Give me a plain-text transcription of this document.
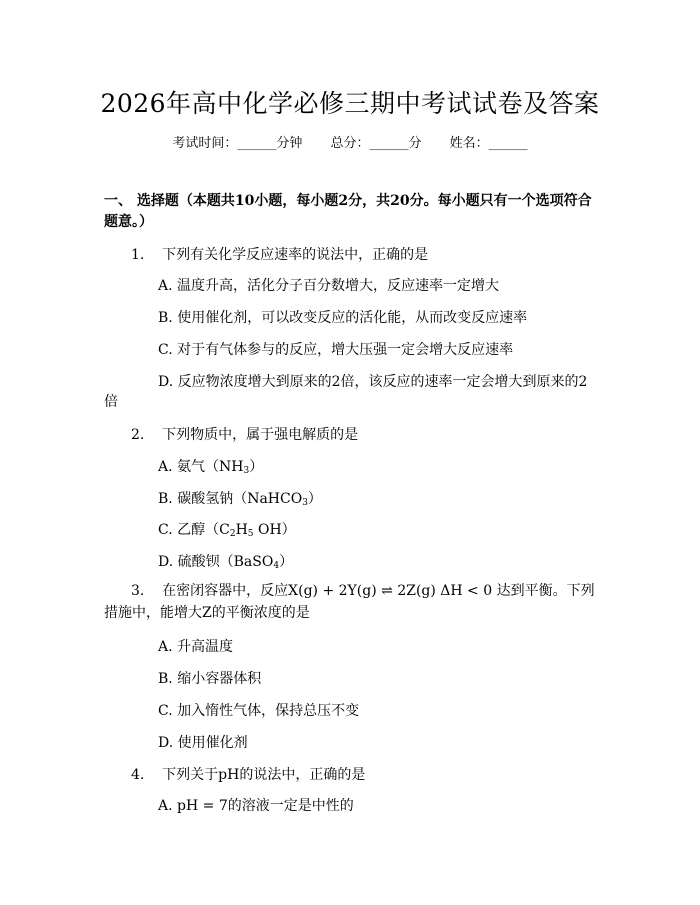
2026年高中化学必修三期中考试试卷及答案
考试时间：______分钟 总分：______分 姓名：______
一、 选择题（本题共10小题，每小题2分，共20分。每小题只有一个选项符合题意。）
1. 下列有关化学反应速率的说法中，正确的是
A. 温度升高，活化分子百分数增大，反应速率一定增大
B. 使用催化剂，可以改变反应的活化能，从而改变反应速率
C. 对于有气体参与的反应，增大压强一定会增大反应速率
D. 反应物浓度增大到原来的2倍，该反应的速率一定会增大到原来的2
倍
2. 下列物质中，属于强电解质的是
A. 氨气$(NH_3)$
B. 碳酸氢钠（NaHCO$_3$）
C. 乙醇（$C_2H_5$ OH）
D. 硫酸钡（BaSO$_4$）
3. 在密闭容器中，反应X(g) + 2Y(g) ⇌ 2Z(g) ΔH < 0 达到平衡。下列措施中，能增大Z的平衡浓度的是
A. 升高温度
B. 缩小容器体积
C. 加入惰性气体，保持总压不变
D. 使用催化剂
4. 下列关于pH的说法中，正确的是
A. pH = 7的溶液一定是中性的
